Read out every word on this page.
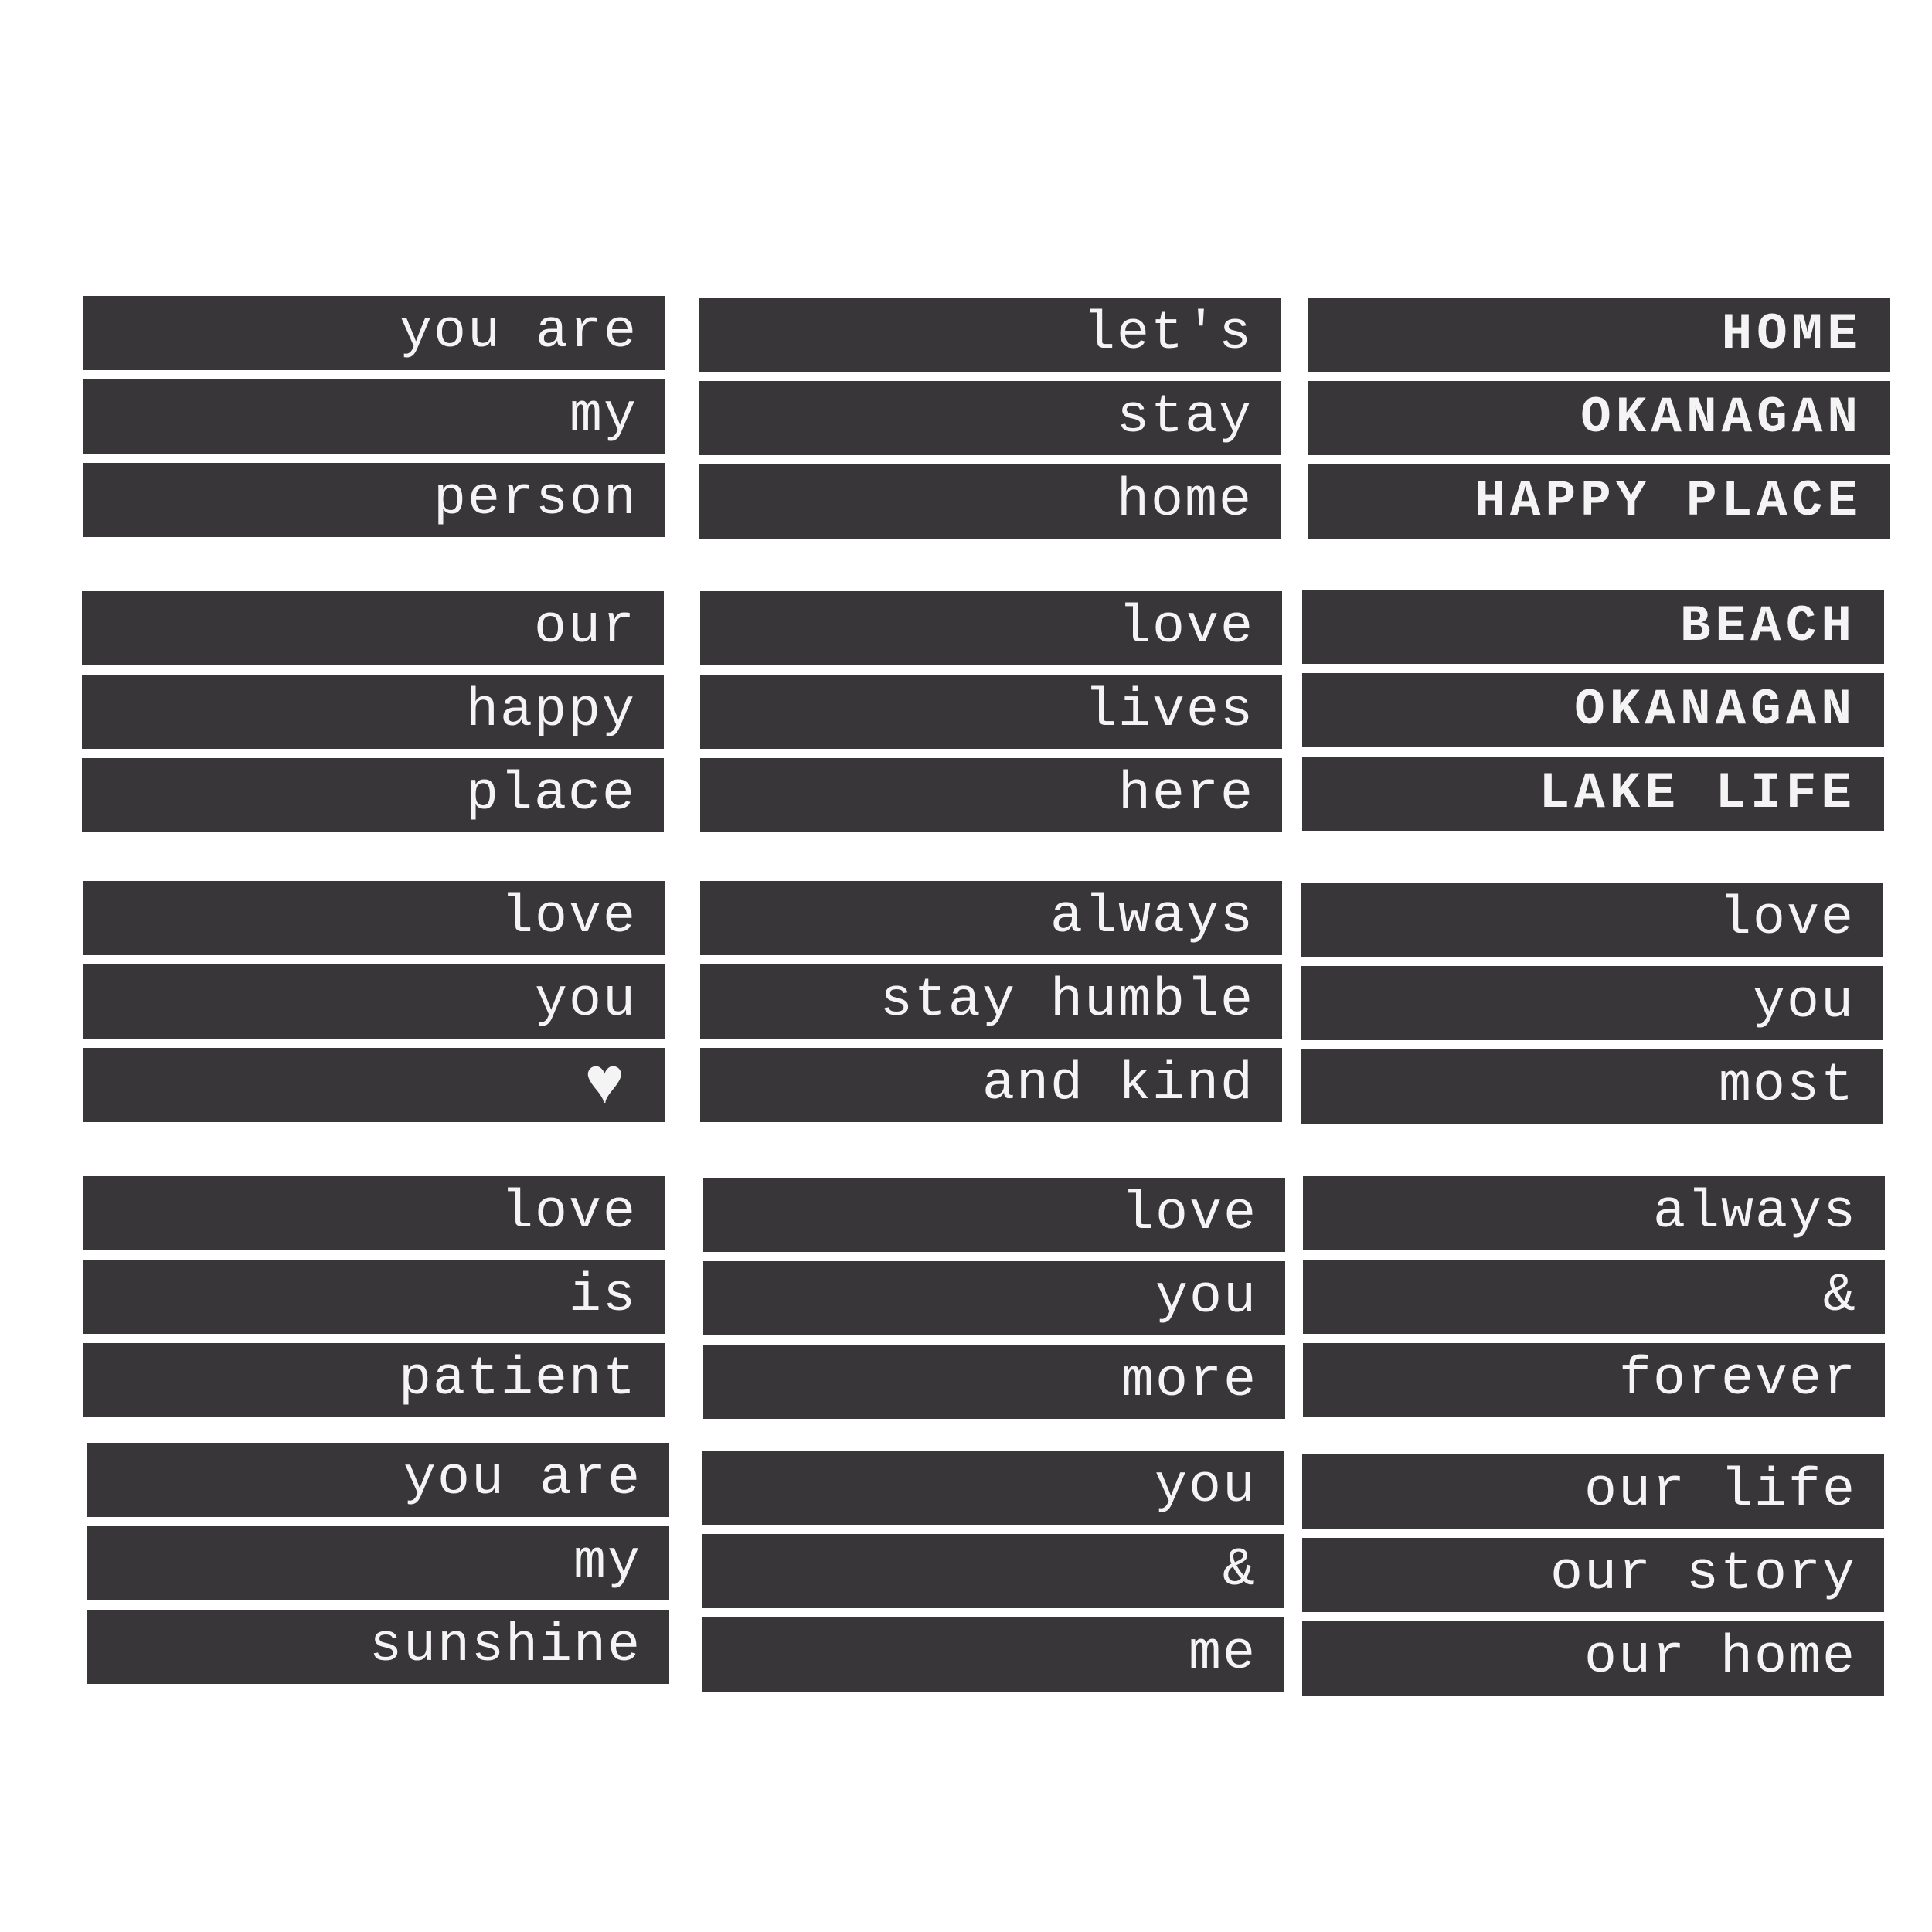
you are
my
person
let's
stay
home
HOME
OKANAGAN
HAPPY PLACE
our
happy
place
love
lives
here
BEACH
OKANAGAN
LAKE LIFE
love
you
♥
always
stay humble
and kind
love
you
most
love
is
patient
love
you
more
always
&
forever
you are
my
sunshine
you
&
me
our life
our story
our home
